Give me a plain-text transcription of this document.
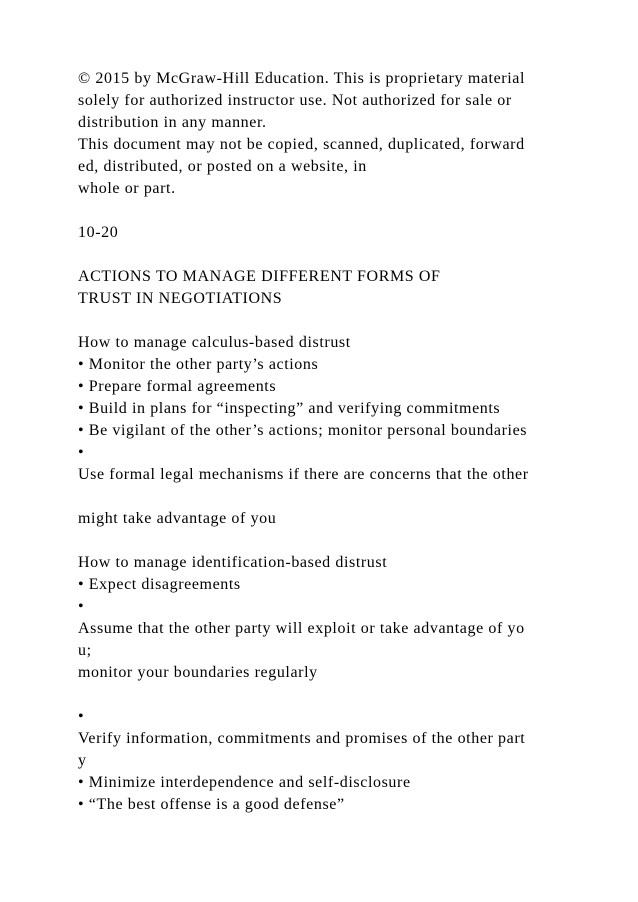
© 2015 by McGraw-Hill Education. This is proprietary material
solely for authorized instructor use. Not authorized for sale or
distribution in any manner.
This document may not be copied, scanned, duplicated, forward
ed, distributed, or posted on a website, in
whole or part.
10-20
ACTIONS TO MANAGE DIFFERENT FORMS OF
TRUST IN NEGOTIATIONS
How to manage calculus-based distrust
• Monitor the other party’s actions
• Prepare formal agreements
• Build in plans for “inspecting” and verifying commitments
• Be vigilant of the other’s actions; monitor personal boundaries
•
Use formal legal mechanisms if there are concerns that the other
might take advantage of you
How to manage identification-based distrust
• Expect disagreements
•
Assume that the other party will exploit or take advantage of yo
u;
monitor your boundaries regularly
•
Verify information, commitments and promises of the other part
y
• Minimize interdependence and self-disclosure
• “The best offense is a good defense”
